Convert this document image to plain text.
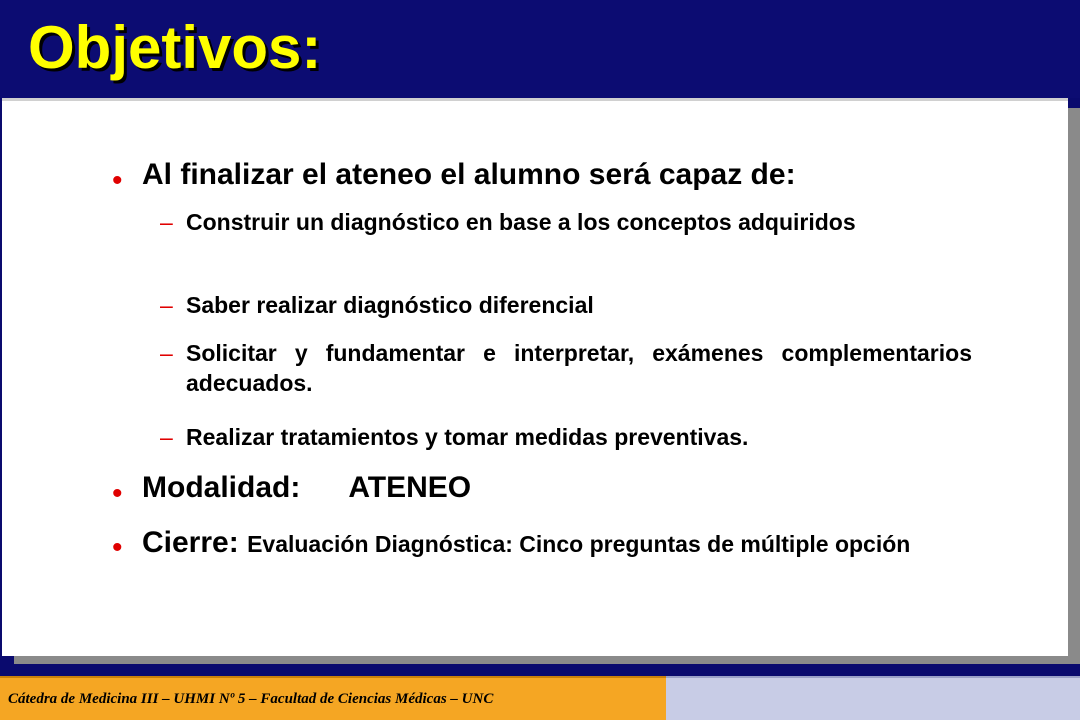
Objetivos:
• Al finalizar el ateneo el alumno será capaz de:
– Construir un diagnóstico en base a los conceptos adquiridos
– Saber realizar diagnóstico diferencial
– Solicitar y fundamentar e interpretar, exámenes complementarios adecuados.
– Realizar tratamientos y tomar medidas preventivas.
• Modalidad: ATENEO
• Cierre: Evaluación Diagnóstica: Cinco preguntas de múltiple opción
Cátedra de Medicina III – UHMI Nº 5 – Facultad de Ciencias Médicas – UNC
